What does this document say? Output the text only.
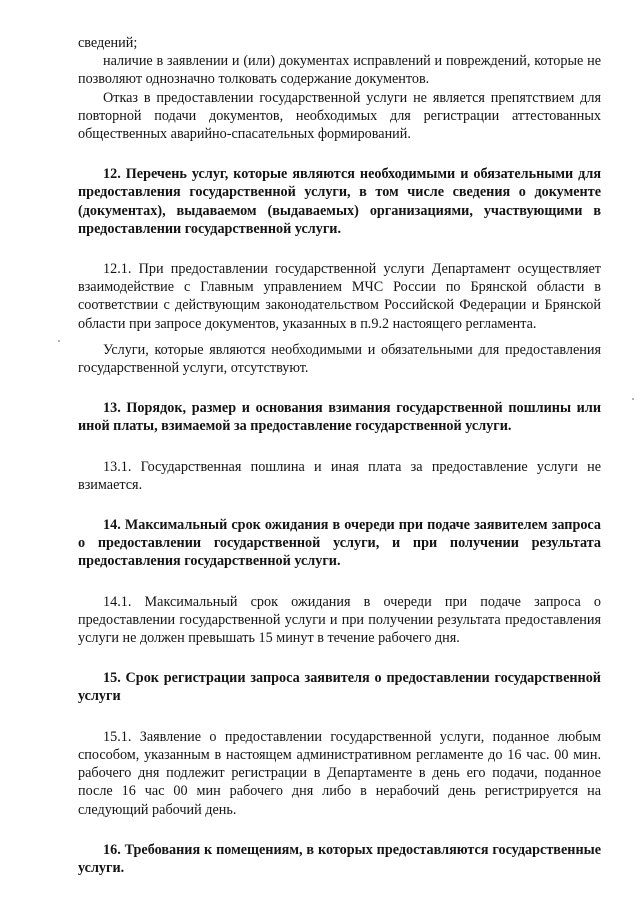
сведений;

наличие в заявлении и (или) документах исправлений и повреждений, которые не позволяют однозначно толковать содержание документов.

Отказ в предоставлении государственной услуги не является препятствием для повторной подачи документов, необходимых для регистрации аттестованных общественных аварийно-спасательных формирований.

12. Перечень услуг, которые являются необходимыми и обязательными для предоставления государственной услуги, в том числе сведения о документе (документах), выдаваемом (выдаваемых) организациями, участвующими в предоставлении государственной услуги.

12.1. При предоставлении государственной услуги Департамент осуществляет взаимодействие с Главным управлением МЧС России по Брянской области в соответствии с действующим законодательством Российской Федерации и Брянской области при запросе документов, указанных в п.9.2 настоящего регламента.

Услуги, которые являются необходимыми и обязательными для предоставления государственной услуги, отсутствуют.

13. Порядок, размер и основания взимания государственной пошлины или иной платы, взимаемой за предоставление государственной услуги.

13.1. Государственная пошлина и иная плата за предоставление услуги не взимается.

14. Максимальный срок ожидания в очереди при подаче заявителем запроса о предоставлении государственной услуги, и при получении результата предоставления государственной услуги.

14.1. Максимальный срок ожидания в очереди при подаче запроса о предоставлении государственной услуги и при получении результата предоставления услуги не должен превышать 15 минут в течение рабочего дня.

15. Срок регистрации запроса заявителя о предоставлении государственной услуги

15.1. Заявление о предоставлении государственной услуги, поданное любым способом, указанным в настоящем административном регламенте до 16 час. 00 мин. рабочего дня подлежит регистрации в Департаменте в день его подачи, поданное после 16 час 00 мин рабочего дня либо в нерабочий день регистрируется на следующий рабочий день.

16. Требования к помещениям, в которых предоставляются государственные услуги.
